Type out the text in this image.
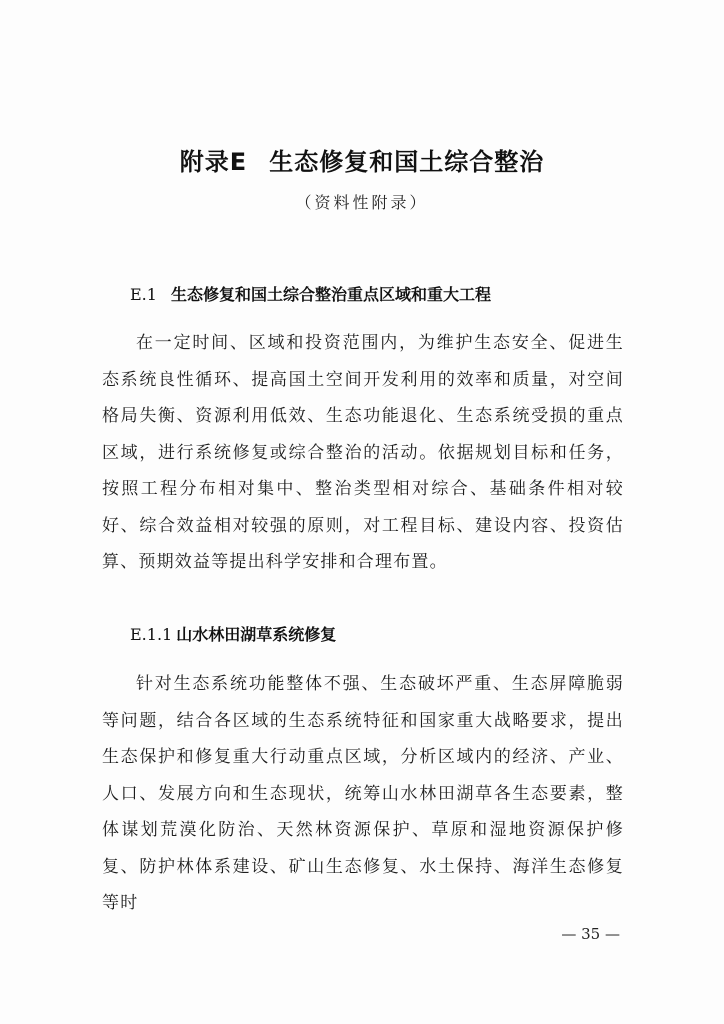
附录E 生态修复和国土综合整治
（资料性附录）
E.1 生态修复和国土综合整治重点区域和重大工程

在一定时间、区域和投资范围内，为维护生态安全、促进生态系统良性循环、提高国土空间开发利用的效率和质量，对空间格局失衡、资源利用低效、生态功能退化、生态系统受损的重点区域，进行系统修复或综合整治的活动。依据规划目标和任务，按照工程分布相对集中、整治类型相对综合、基础条件相对较好、综合效益相对较强的原则，对工程目标、建设内容、投资估算、预期效益等提出科学安排和合理布置。

E.1.1 山水林田湖草系统修复

针对生态系统功能整体不强、生态破坏严重、生态屏障脆弱等问题，结合各区域的生态系统特征和国家重大战略要求，提出生态保护和修复重大行动重点区域，分析区域内的经济、产业、人口、发展方向和生态现状，统筹山水林田湖草各生态要素，整体谋划荒漠化防治、天然林资源保护、草原和湿地资源保护修复、防护林体系建设、矿山生态修复、水土保持、海洋生态修复等时

— 35 —
